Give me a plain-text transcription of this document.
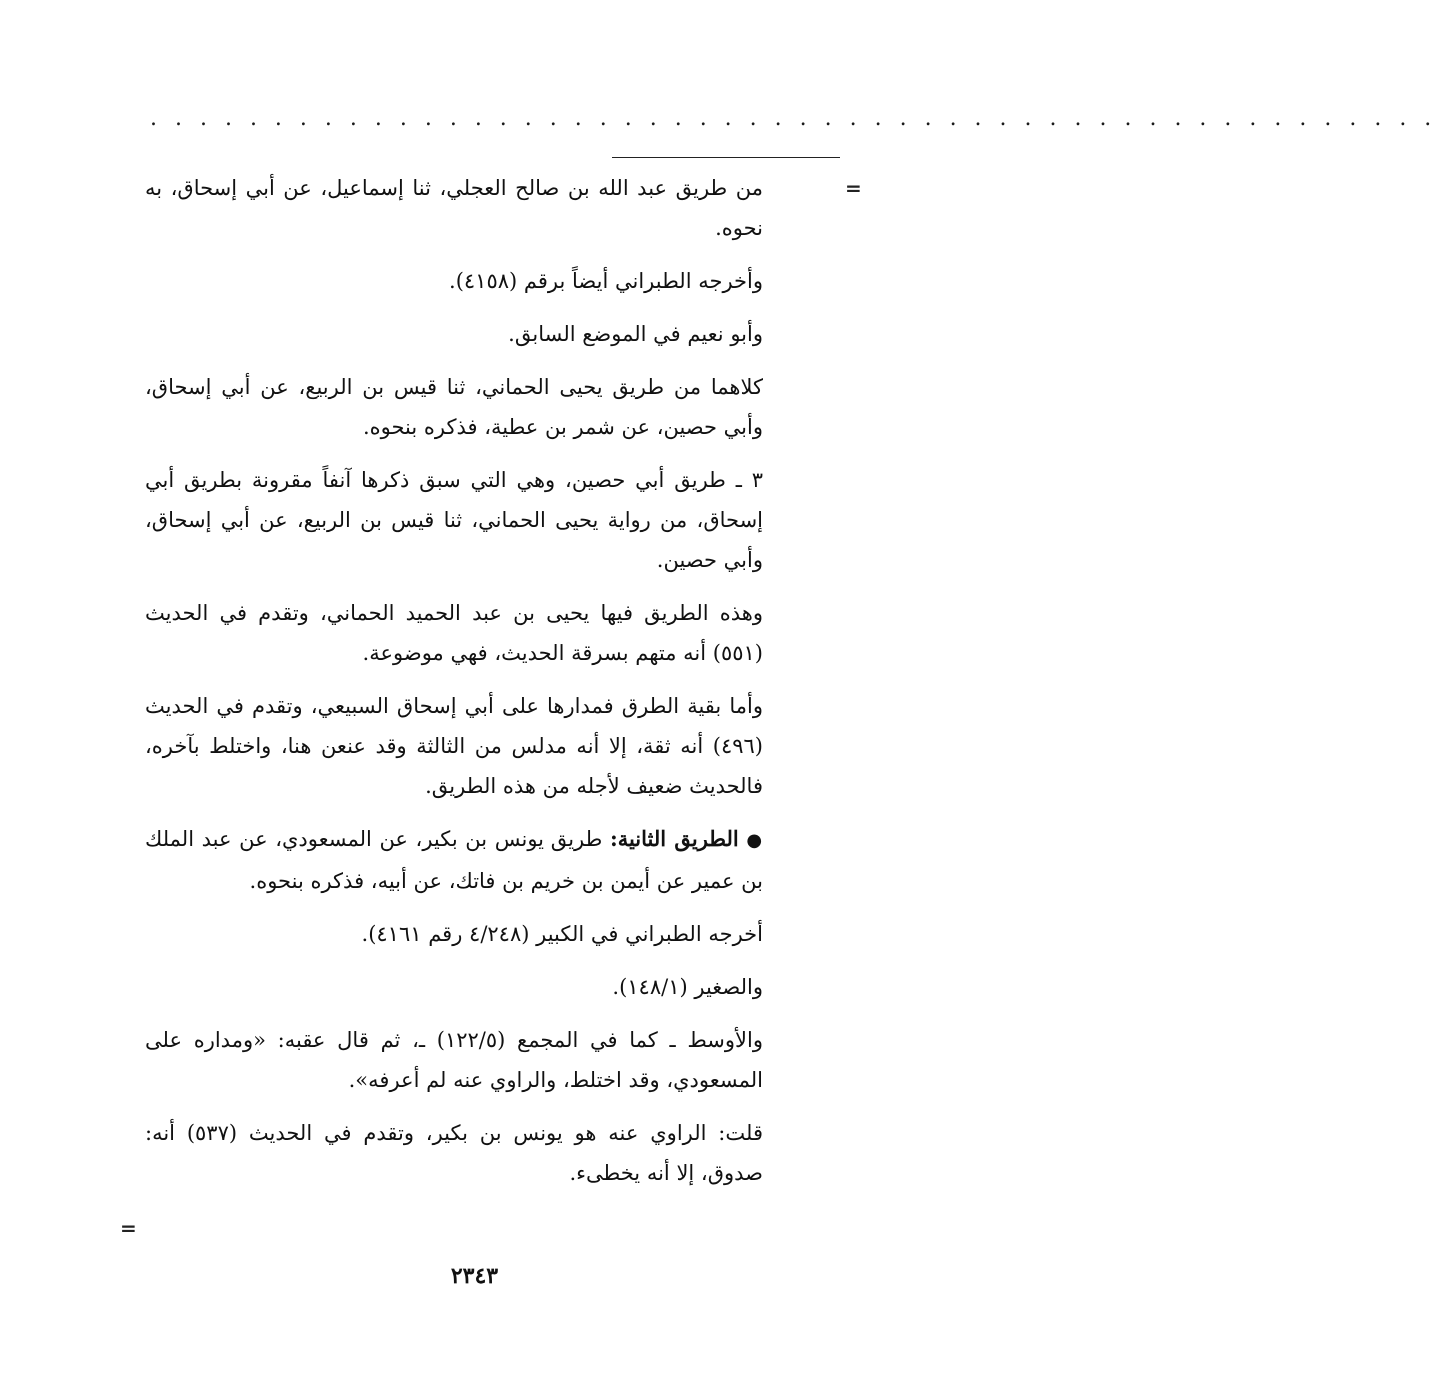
. . . . . . . . . . . . . . . . . . . . . . . . . . . . . . . . . . . . . . . . . . . . . . . . . . . .
=

من طريق عبد الله بن صالح العجلي، ثنا إسماعيل، عن أبي إسحاق، به نحوه.

وأخرجه الطبراني أيضاً برقم (٤١٥٨).

وأبو نعيم في الموضع السابق.

كلاهما من طريق يحيى الحماني، ثنا قيس بن الربيع، عن أبي إسحاق، وأبي حصين، عن شمر بن عطية، فذكره بنحوه.

٣ ـ طريق أبي حصين، وهي التي سبق ذكرها آنفاً مقرونة بطريق أبي إسحاق، من رواية يحيى الحماني، ثنا قيس بن الربيع، عن أبي إسحاق، وأبي حصين.

وهذه الطريق فيها يحيى بن عبد الحميد الحماني، وتقدم في الحديث (٥٥١) أنه متهم بسرقة الحديث، فهي موضوعة.

وأما بقية الطرق فمدارها على أبي إسحاق السبيعي، وتقدم في الحديث (٤٩٦) أنه ثقة، إلا أنه مدلس من الثالثة وقد عنعن هنا، واختلط بآخره، فالحديث ضعيف لأجله من هذه الطريق.

● الطريق الثانية: طريق يونس بن بكير، عن المسعودي، عن عبد الملك بن عمير عن أيمن بن خريم بن فاتك، عن أبيه، فذكره بنحوه.

أخرجه الطبراني في الكبير (٤/٢٤٨ رقم ٤١٦١).

والصغير (١٤٨/١).

والأوسط ـ كما في المجمع (١٢٢/٥) ـ، ثم قال عقبه: «ومداره على المسعودي، وقد اختلط، والراوي عنه لم أعرفه».

قلت: الراوي عنه هو يونس بن بكير، وتقدم في الحديث (٥٣٧) أنه: صدوق، إلا أنه يخطىء.

=
٢٣٤٣
